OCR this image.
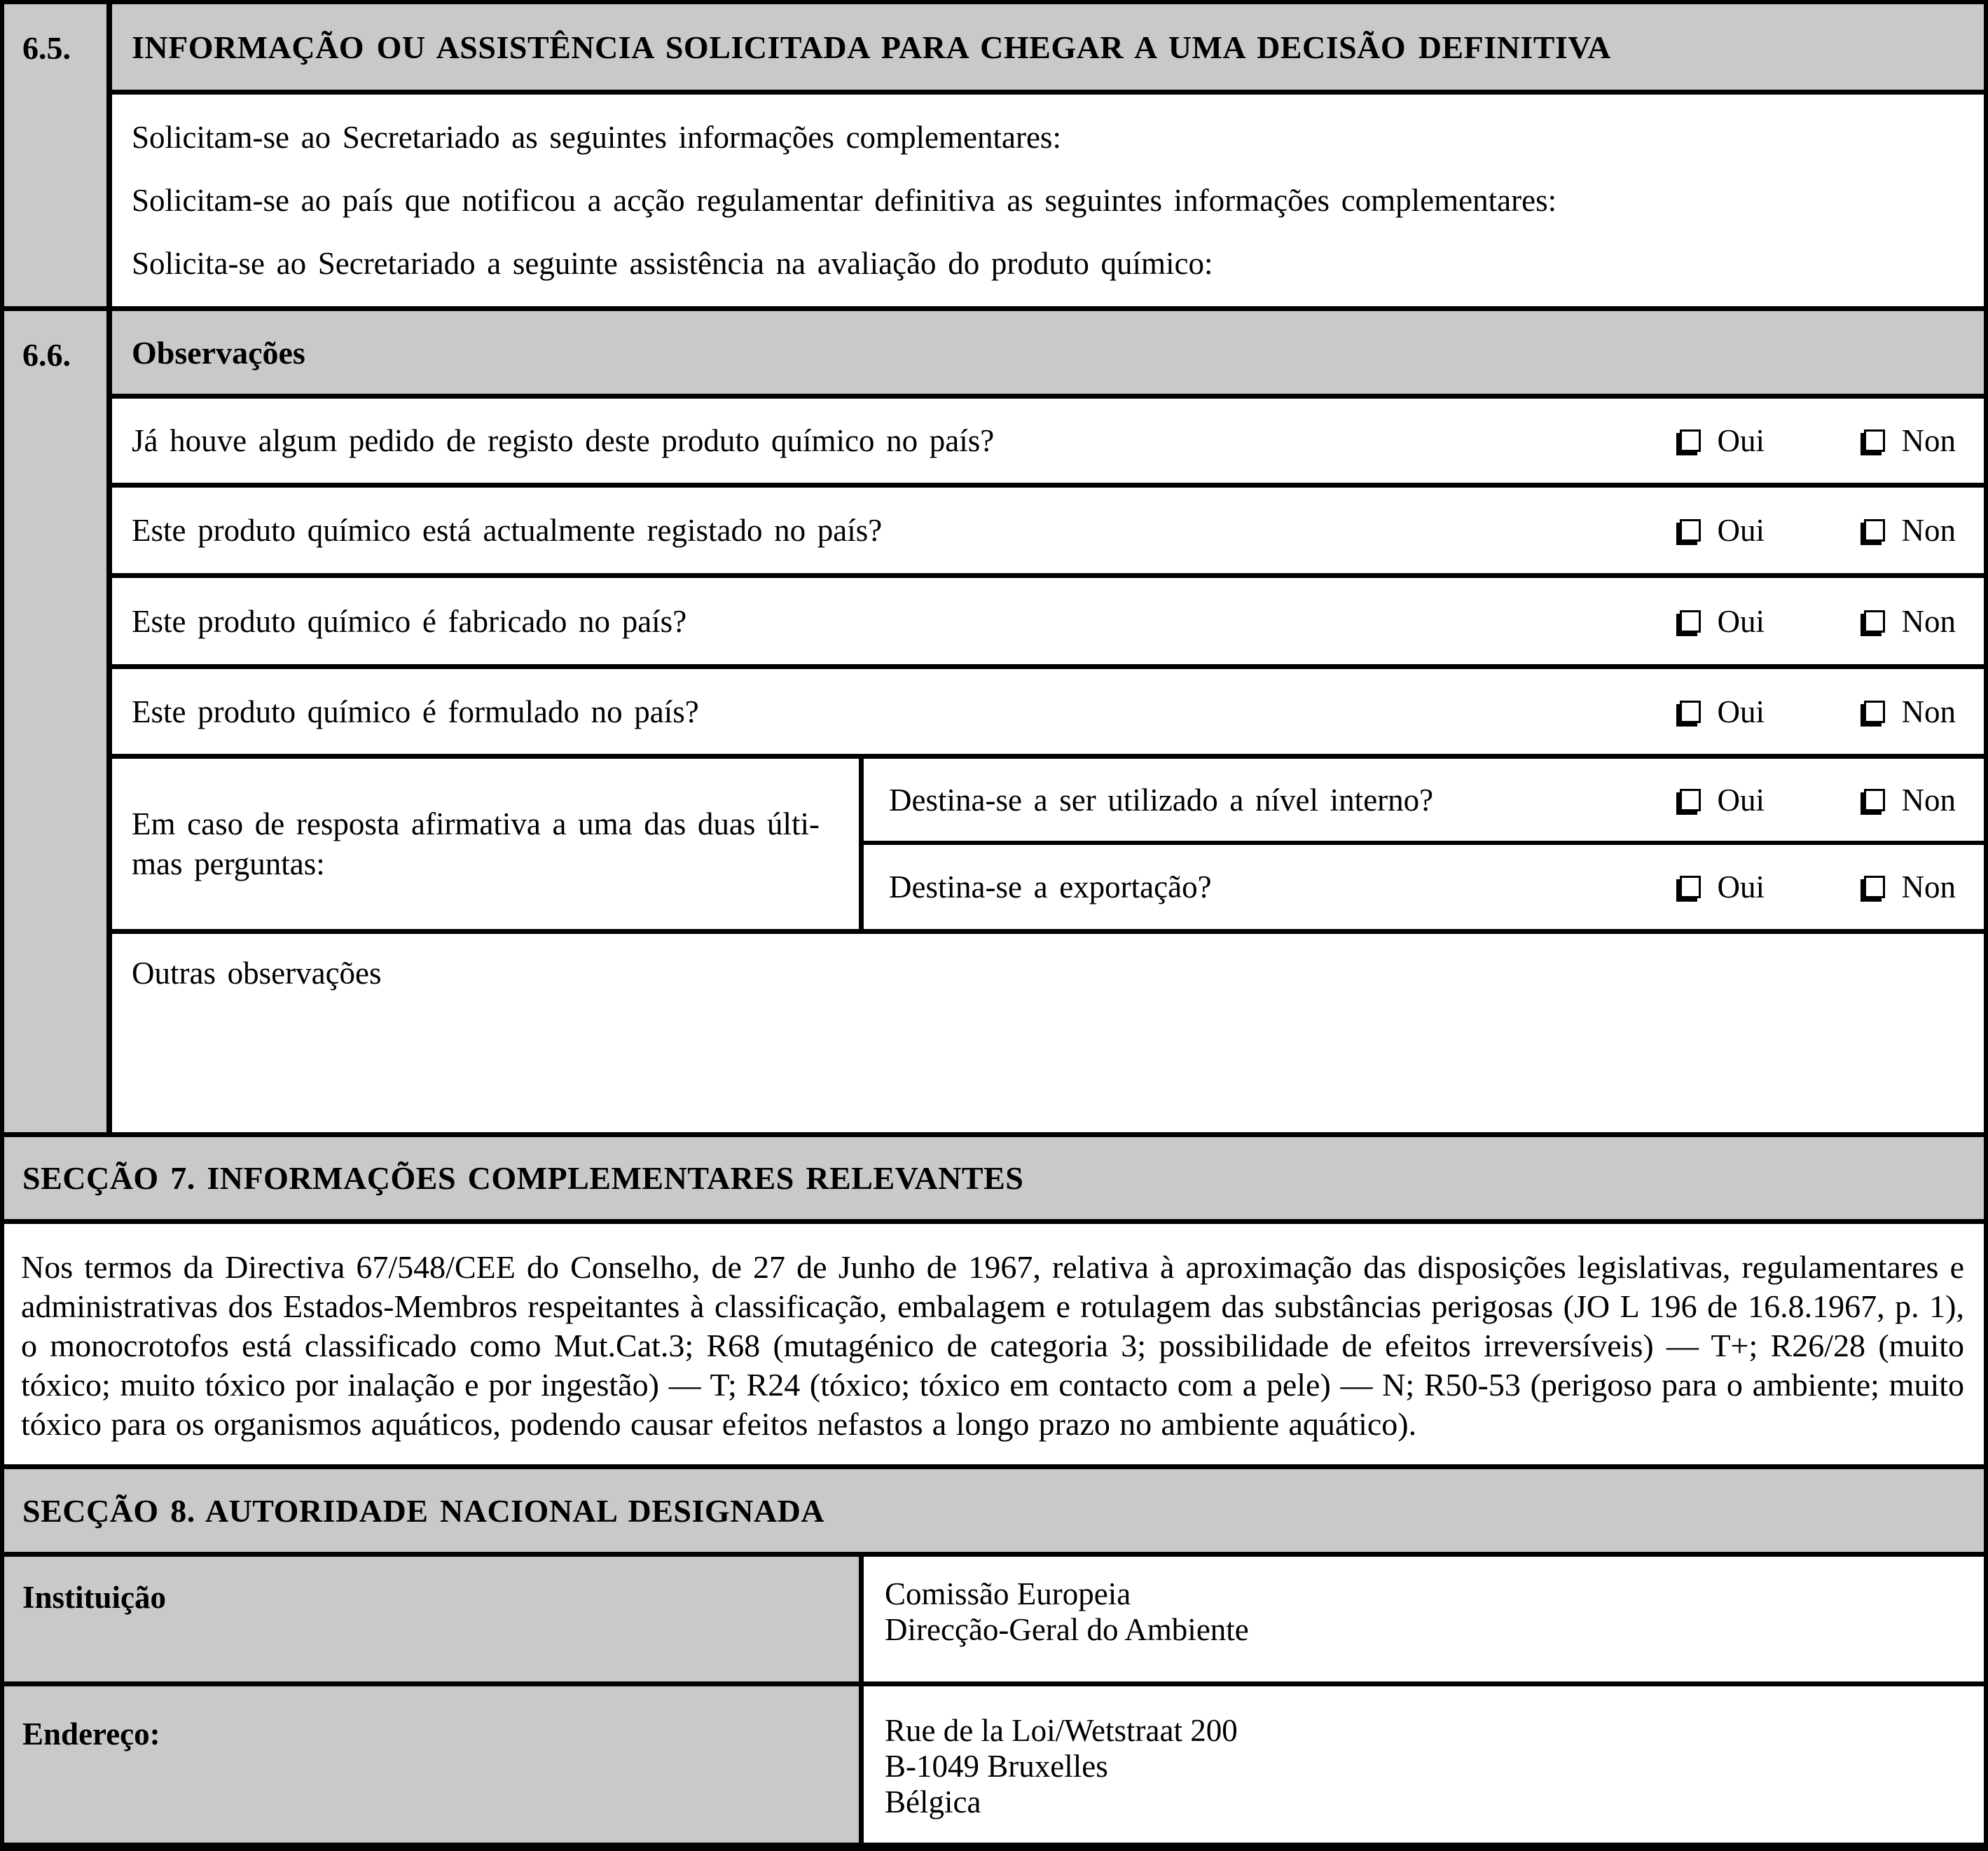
6.5.	INFORMAÇÃO OU ASSISTÊNCIA SOLICITADA PARA CHEGAR A UMA DECISÃO DEFINITIVA

Solicitam-se ao Secretariado as seguintes informações complementares:

Solicitam-se ao país que notificou a acção regulamentar definitiva as seguintes informações complementares:

Solicita-se ao Secretariado a seguinte assistência na avaliação do produto químico:

6.6.	Observações
Já houve algum pedido de registo deste produto químico no país?	Oui	Non
Este produto químico está actualmente registado no país?	Oui	Non
Este produto químico é fabricado no país?	Oui	Non
Este produto químico é formulado no país?	Oui	Non
Em caso de resposta afirmativa a uma das duas últi-
mas perguntas:
Destina-se a ser utilizado a nível interno?	Oui	Non
Destina-se a exportação?	Oui	Non
Outras observações
SECÇÃO 7. INFORMAÇÕES COMPLEMENTARES RELEVANTES
Nos termos da Directiva 67/548/CEE do Conselho, de 27 de Junho de 1967, relativa à aproximação das disposições legislativas, regulamentares e administrativas dos Estados-Membros respeitantes à classificação, embalagem e rotulagem das substâncias perigosas (JO L 196 de 16.8.1967, p. 1), o monocrotofos está classificado como Mut.Cat.3; R68 (mutagénico de categoria 3; possibilidade de efeitos irreversíveis) — T+; R26/28 (muito tóxico; muito tóxico por inalação e por ingestão) — T; R24 (tóxico; tóxico em contacto com a pele) — N; R50-53 (perigoso para o ambiente; muito tóxico para os organismos aquáticos, podendo causar efeitos nefastos a longo prazo no ambiente aquático).
SECÇÃO 8. AUTORIDADE NACIONAL DESIGNADA
Instituição	Comissão Europeia
Direcção-Geral do Ambiente
Endereço:	Rue de la Loi/Wetstraat 200
B-1049 Bruxelles
Bélgica
